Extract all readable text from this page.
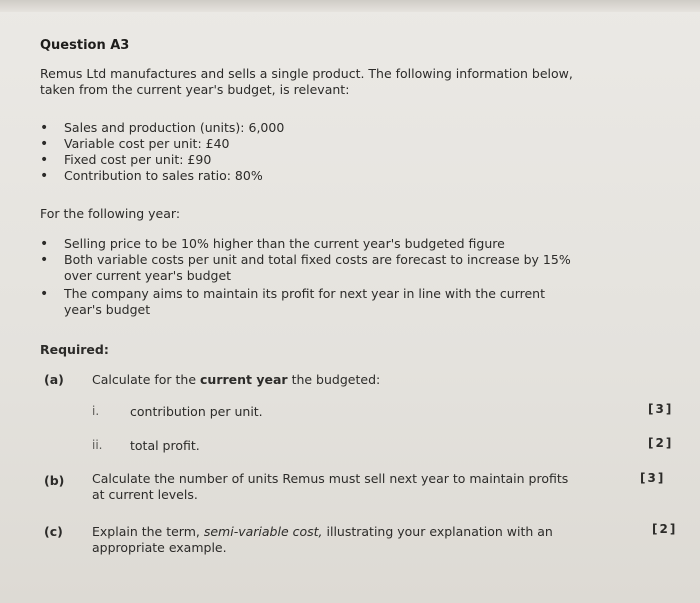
Question A3
Remus Ltd manufactures and sells a single product. The following information below,
taken from the current year's budget, is relevant:
• Sales and production (units): 6,000
• Variable cost per unit: £40
• Fixed cost per unit: £90
• Contribution to sales ratio: 80%
For the following year:
• Selling price to be 10% higher than the current year's budgeted figure
• Both variable costs per unit and total fixed costs are forecast to increase by 15%
over current year's budget
• The company aims to maintain its profit for next year in line with the current
year's budget
Required:
(a) Calculate for the current year the budgeted:
i. contribution per unit.	[3]
ii. total profit.	[2]
(b) Calculate the number of units Remus must sell next year to maintain profits
at current levels.
[3]
(c) Explain the term, semi-variable cost, illustrating your explanation with an
appropriate example.
[2]
